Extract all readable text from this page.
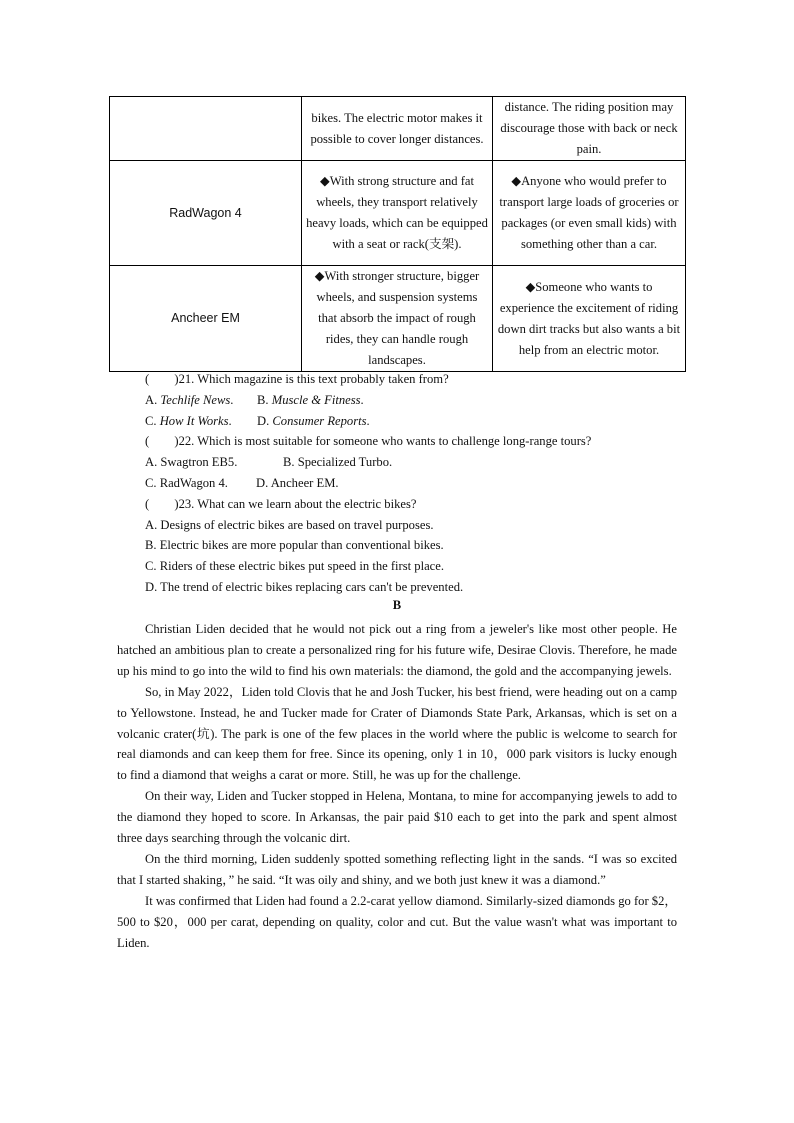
	bikes. The electric motor makes it possible to cover longer distances.	distance. The riding position may discourage those with back or neck pain.
RadWagon 4	◆With strong structure and fat wheels, they transport relatively heavy loads, which can be equipped with a seat or rack(支架).	◆Anyone who would prefer to transport large loads of groceries or packages (or even small kids) with something other than a car.
Ancheer EM	◆With stronger structure, bigger wheels, and suspension systems that absorb the impact of rough rides, they can handle rough landscapes.	◆Someone who wants to experience the excitement of riding down dirt tracks but also wants a bit help from an electric motor.
(　　)21. Which magazine is this text probably taken from?
A. Techlife News.	B. Muscle & Fitness.
C. How It Works.	D. Consumer Reports.
(　　)22. Which is most suitable for someone who wants to challenge long-range tours?
A. Swagtron EB5.	B. Specialized Turbo.
C. RadWagon 4.	D. Ancheer EM.
(　　)23. What can we learn about the electric bikes?
A. Designs of electric bikes are based on travel purposes.
B. Electric bikes are more popular than conventional bikes.
C. Riders of these electric bikes put speed in the first place.
D. The trend of electric bikes replacing cars can't be prevented.
B

Christian Liden decided that he would not pick out a ring from a jeweler's like most other people. He hatched an ambitious plan to create a personalized ring for his future wife, Desirae Clovis. Therefore, he made up his mind to go into the wild to find his own materials: the diamond, the gold and the accompanying jewels.

So, in May 2022，Liden told Clovis that he and Josh Tucker, his best friend, were heading out on a camp to Yellowstone. Instead, he and Tucker made for Crater of Diamonds State Park, Arkansas, which is set on a volcanic crater(坑). The park is one of the few places in the world where the public is welcome to search for real diamonds and can keep them for free. Since its opening, only 1 in 10，000 park visitors is lucky enough to find a diamond that weighs a carat or more. Still, he was up for the challenge.

On their way, Liden and Tucker stopped in Helena, Montana, to mine for accompanying jewels to add to the diamond they hoped to score. In Arkansas, the pair paid $10 each to get into the park and spent almost three days searching through the volcanic dirt.

On the third morning, Liden suddenly spotted something reflecting light in the sands. “I was so excited that I started shaking，” he said. “It was oily and shiny, and we both just knew it was a diamond.”

It was confirmed that Liden had found a 2.2-carat yellow diamond. Similarly-sized diamonds go for $2，500 to $20，000 per carat, depending on quality, color and cut. But the value wasn't what was important to Liden.
